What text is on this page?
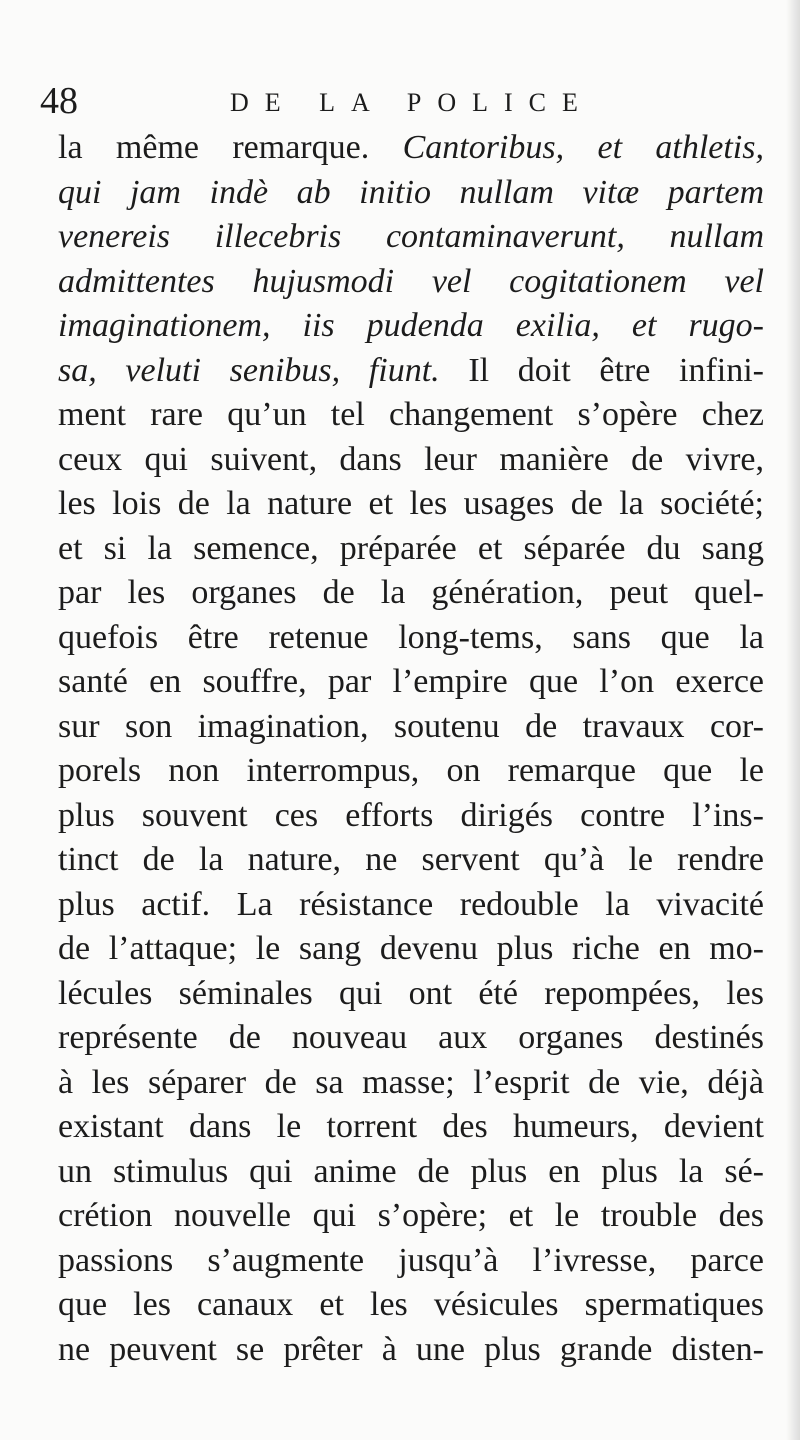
48	DE LA POLICE
la même remarque. Cantoribus, et athletis,
qui jam indè ab initio nullam vitæ partem
venereis illecebris contaminaverunt, nullam
admittentes hujusmodi vel cogitationem vel
imaginationem, iis pudenda exilia, et rugo-
sa, veluti senibus, fiunt. Il doit être infini-
ment rare qu’un tel changement s’opère chez
ceux qui suivent, dans leur manière de vivre,
les lois de la nature et les usages de la société;
et si la semence, préparée et séparée du sang
par les organes de la génération, peut quel-
quefois être retenue long-tems, sans que la
santé en souffre, par l’empire que l’on exerce
sur son imagination, soutenu de travaux cor-
porels non interrompus, on remarque que le
plus souvent ces efforts dirigés contre l’ins-
tinct de la nature, ne servent qu’à le rendre
plus actif. La résistance redouble la vivacité
de l’attaque; le sang devenu plus riche en mo-
lécules séminales qui ont été repompées, les
représente de nouveau aux organes destinés
à les séparer de sa masse; l’esprit de vie, déjà
existant dans le torrent des humeurs, devient
un stimulus qui anime de plus en plus la sé-
crétion nouvelle qui s’opère; et le trouble des
passions s’augmente jusqu’à l’ivresse, parce
que les canaux et les vésicules spermatiques
ne peuvent se prêter à une plus grande disten-
